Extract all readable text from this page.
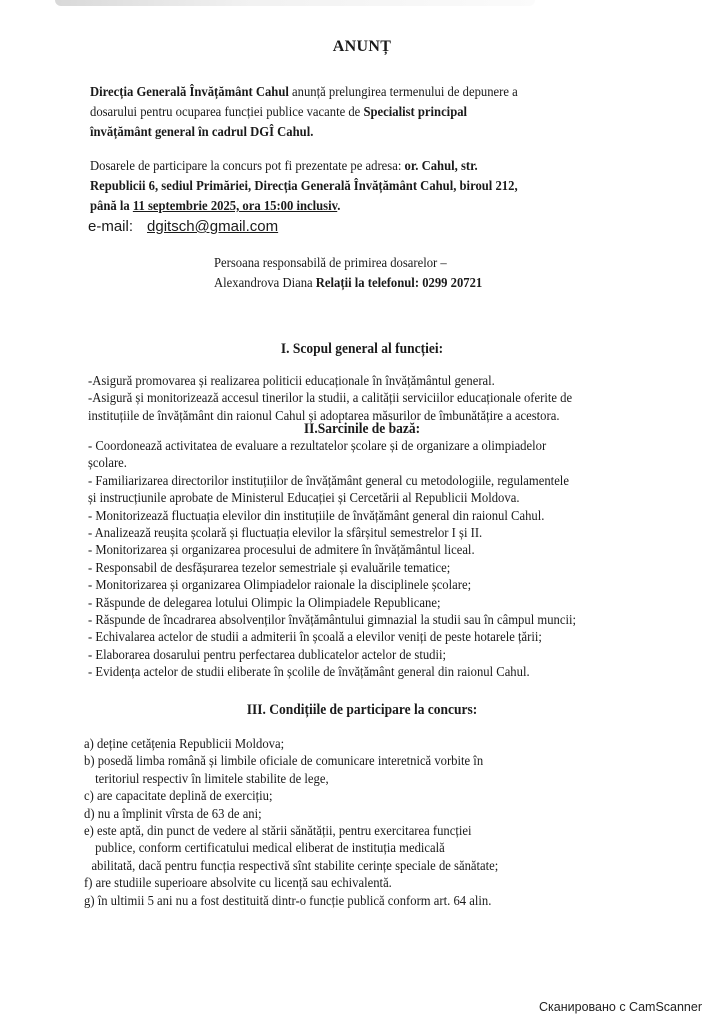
ANUNȚ
Direcția Generală Învățământ Cahul anunță prelungirea termenului de depunere a
dosarului pentru ocuparea funcției publice vacante de Specialist principal
învățământ general în cadrul DGÎ Cahul.
Dosarele de participare la concurs pot fi prezentate pe adresa: or. Cahul, str.
Republicii 6, sediul Primăriei, Direcția Generală Învățământ Cahul, biroul 212,
până la 11 septembrie 2025, ora 15:00 inclusiv.
e-mail: dgitsch@gmail.com
Persoana responsabilă de primirea dosarelor –
Alexandrova Diana Relații la telefonul: 0299 20721
I. Scopul general al funcției:
-Asigură promovarea și realizarea politicii educaționale în învățământul general.
-Asigură și monitorizează accesul tinerilor la studii, a calității serviciilor educaționale oferite de
instituțiile de învățământ din raionul Cahul și adoptarea măsurilor de îmbunătățire a acestora.
II.Sarcinile de bază:
- Coordonează activitatea de evaluare a rezultatelor școlare și de organizare a olimpiadelor
școlare.
- Familiarizarea directorilor instituțiilor de învățământ general cu metodologiile, regulamentele
și instrucțiunile aprobate de Ministerul Educației și Cercetării al Republicii Moldova.
- Monitorizează fluctuația elevilor din instituțiile de învățământ general din raionul Cahul.
- Analizează reușita școlară și fluctuația elevilor la sfârșitul semestrelor I și II.
- Monitorizarea și organizarea procesului de admitere în învățământul liceal.
- Responsabil de desfășurarea tezelor semestriale și evaluările tematice;
- Monitorizarea și organizarea Olimpiadelor raionale la disciplinele școlare;
- Răspunde de delegarea lotului Olimpic la Olimpiadele Republicane;
- Răspunde de încadrarea absolvenților învățământului gimnazial la studii sau în câmpul muncii;
- Echivalarea actelor de studii a admiterii în școală a elevilor veniți de peste hotarele țării;
- Elaborarea dosarului pentru perfectarea dublicatelor actelor de studii;
- Evidența actelor de studii eliberate în școlile de învățământ general din raionul Cahul.
III. Condițiile de participare la concurs:
a) deține cetățenia Republicii Moldova;
b) posedă limba română și limbile oficiale de comunicare interetnică vorbite în
teritoriul respectiv în limitele stabilite de lege,
c) are capacitate deplină de exercițiu;
d) nu a împlinit vîrsta de 63 de ani;
e) este aptă, din punct de vedere al stării sănătății, pentru exercitarea funcției
publice, conform certificatului medical eliberat de instituția medicală
abilitată, dacă pentru funcția respectivă sînt stabilite cerințe speciale de sănătate;
f) are studiile superioare absolvite cu licență sau echivalentă.
g) în ultimii 5 ani nu a fost destituită dintr-o funcție publică conform art. 64 alin.
Сканировано с CamScanner
